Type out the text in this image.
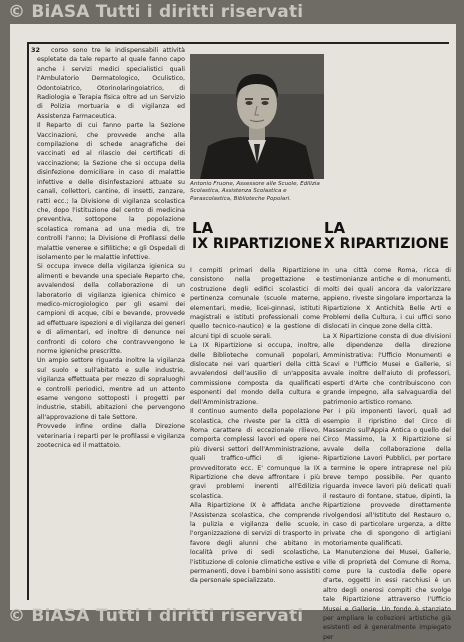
© BiASA Tutti i diritti riservati
32	corso sono tre le indispensabili attività espletate da tale reparto al quale fanno capo anche i servizi medici specialistici quali l'Ambulatorio Dermatologico, Oculistico, Odontoiatrico, Otorinolaringoiatrico, di Radiologia e Terapia fisica oltre ad un Servizio di Polizia mortuaria e di vigilanza ed Assistenza Farmaceutica.

Il Reparto di cui fanno parte la Sezione Vaccinazioni, che provvede anche alla compilazione di schede anagrafiche dei vaccinati ed al rilascio dei certificati di vaccinazione; la Sezione che si occupa della disinfezione domiciliare in caso di malattie infettive e delle disinfestazioni attuate su canali, collettori, cantine, di insetti, zanzare, ratti ecc.; la Divisione di vigilanza scolastica che, dopo l'istituzione del centro di medicina preventiva, sottopone la popolazione scolastica romana ad una media di, tre controlli l'anno; la Divisione di Profilassi delle malattie veneree e sifilitiche; e gli Ospedali di isolamento per le malattie infettive.

Si occupa invece della vigilanza igienica su alimenti e bevande una speciale Reparto che, avvalendosi della collaborazione di un laboratorio di vigilanza igienica chimico e medico-microgiologico per gli esami dei campioni di acque, cibi e bevande, provvede ad effettuare ispezioni e di vigilanza dei generi e di alimentari, ed inoltre di denunce nei confronti di coloro che contravvengono le norme igieniche prescritte.

Un ampio settore riguarda inoltre la vigilanza sul suolo e sull'abitato e sulle industrie, vigilanza effettuata per mezzo di sopraluoghi e controlli periodici, mentre ad un attento esame vengono sottoposti i progetti per industrie, stabili, abitazioni che pervengono all'approvazione di tale Settore.

Provvede infine ordine dalla Direzione veterinaria i reparti per le profilassi e vigilanza zootecnica ed il mattatoio.

Antonio Fruone, Assessore alle Scuole, Edilizia Scolastica, Assistenza Scolastica e Parascolastica, Biblioteche Popolari.

LA
IX RIPARTIZIONE
LA
X RIPARTIZIONE

I compiti primari della Ripartizione consistono nella progettazione e costruzione degli edifici scolastici di pertinenza comunale (scuole materne, elementari, medie, licei-ginnasi, istituti magistrali e istituti professionali come quello tecnico-nautico) e la gestione di alcuni tipi di scuole serali.

La IX Ripartizione si occupa, inoltre, delle Biblioteche comunali popolari, dislocate nei vari quartieri della città avvalendosi dell'ausilio di un'apposita commissione composta da qualificati esponenti del mondo della cultura e dell'Amministrazione.

Il continuo aumento della popolazione scolastica, che riveste per la città di Roma carattere di eccezionale rilievo, comporta complessi lavori ed opere nei più diversi settori dell'Amministrazione, quali traffico-uffici di igiene-provveditorato ecc. E' comunque la IX Ripartizione che deve affrontare i più gravi problemi inerenti all'Edilizia scolastica.

Alla Ripartizione IX è affidata anche l'Assistenza scolastica, che comprende la pulizia e vigilanza delle scuole, l'organizzazione di servizi di trasporto in favore degli alunni che abitano in località prive di sedi scolastiche, l'istituzione di colonie climatiche estive e permanenti, dove i bambini sono assistiti da personale specializzato.

In una città come Roma, ricca di testimonianze antiche e di monumenti, molti dei quali ancora da valorizzare appieno, riveste singolare importanza la Ripartizione X Antichità Belle Arti e Problemi della Cultura, i cui uffici sono dislocati in cinque zone della città.

La X Ripartizione consta di due divisioni alle dipendenze della direzione Amministrativa: l'Ufficio Monumenti e Scavi e l'Ufficio Musei e Gallerie, si avvale inoltre dell'aiuto di professori, esperti d'Arte che contribuiscono con grande impegno, alla salvaguardia del patrimonio artistico romano.

Per i più imponenti lavori, quali ad esempio il ripristino del Circo di Massenzio sull'Appia Antica o quello del Circo Massimo, la X Ripartizione si avvale della collaborazione della Ripartizione Lavori Pubblici, per portare a termine le opere intraprese nel più breve tempo possibile. Per quanto riguarda invece lavori più delicati quali il restauro di fontane, statue, dipinti, la Ripartizione provvede direttamente rivolgendosi all'Istituto del Restauro o, in caso di particolare urgenza, a ditte private che di spongono di artigiani motoriamente qualificati.

La Manutenzione dei Musei, Gallerie, ville di proprietà del Comune di Roma, come pure la custodia delle opere d'arte, oggetti in essi racchiusi è un altro degli onerosi compiti che svolge tale Ripartizione attraverso l'Ufficio Musei e Gallerie. Un fondo è stanziato per ampliare le collezioni artistiche già esistenti ed è generalmente impiegato per

© BiASA Tutti i diritti riservati
